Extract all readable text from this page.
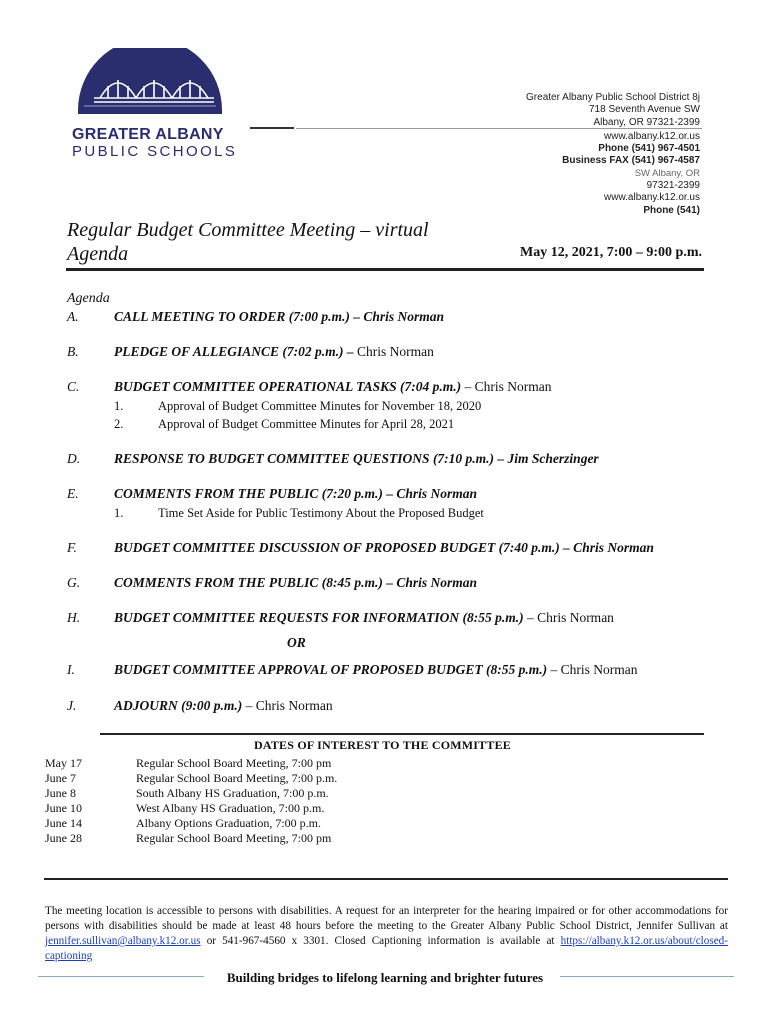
GREATER ALBANY
PUBLIC SCHOOLS
Greater Albany Public School District 8j
718 Seventh Avenue SW
Albany, OR 97321-2399
www.albany.k12.or.us
Phone (541) 967-4501
Business FAX (541) 967-4587
SW Albany, OR
97321-2399
www.albany.k12.or.us
Phone (541)
Regular Budget Committee Meeting – virtual
Agenda	May 12, 2021, 7:00 – 9:00 p.m.
Agenda
A.	CALL MEETING TO ORDER (7:00 p.m.) – Chris Norman
B.	PLEDGE OF ALLEGIANCE (7:02 p.m.) – Chris Norman
C.	BUDGET COMMITTEE OPERATIONAL TASKS (7:04 p.m.) – Chris Norman
1.	Approval of Budget Committee Minutes for November 18, 2020
2.	Approval of Budget Committee Minutes for April 28, 2021
D.	RESPONSE TO BUDGET COMMITTEE QUESTIONS (7:10 p.m.) – Jim Scherzinger
E.	COMMENTS FROM THE PUBLIC (7:20 p.m.) – Chris Norman
1.	Time Set Aside for Public Testimony About the Proposed Budget
F.	BUDGET COMMITTEE DISCUSSION OF PROPOSED BUDGET (7:40 p.m.) – Chris Norman
G.	COMMENTS FROM THE PUBLIC (8:45 p.m.) – Chris Norman
H.	BUDGET COMMITTEE REQUESTS FOR INFORMATION (8:55 p.m.) – Chris Norman
OR
I.	BUDGET COMMITTEE APPROVAL OF PROPOSED BUDGET (8:55 p.m.) – Chris Norman
J.	ADJOURN (9:00 p.m.) – Chris Norman
DATES OF INTEREST TO THE COMMITTEE
May 17	Regular School Board Meeting, 7:00 pm
June 7	Regular School Board Meeting, 7:00 p.m.
June 8	South Albany HS Graduation, 7:00 p.m.
June 10	West Albany HS Graduation, 7:00 p.m.
June 14	Albany Options Graduation, 7:00 p.m.
June 28	Regular School Board Meeting, 7:00 pm
The meeting location is accessible to persons with disabilities. A request for an interpreter for the hearing impaired or for other accommodations for persons with disabilities should be made at least 48 hours before the meeting to the Greater Albany Public School District, Jennifer Sullivan at jennifer.sullivan@albany.k12.or.us or 541-967-4560 x 3301. Closed Captioning information is available at https://albany.k12.or.us/about/closed-captioning
Building bridges to lifelong learning and brighter futures
